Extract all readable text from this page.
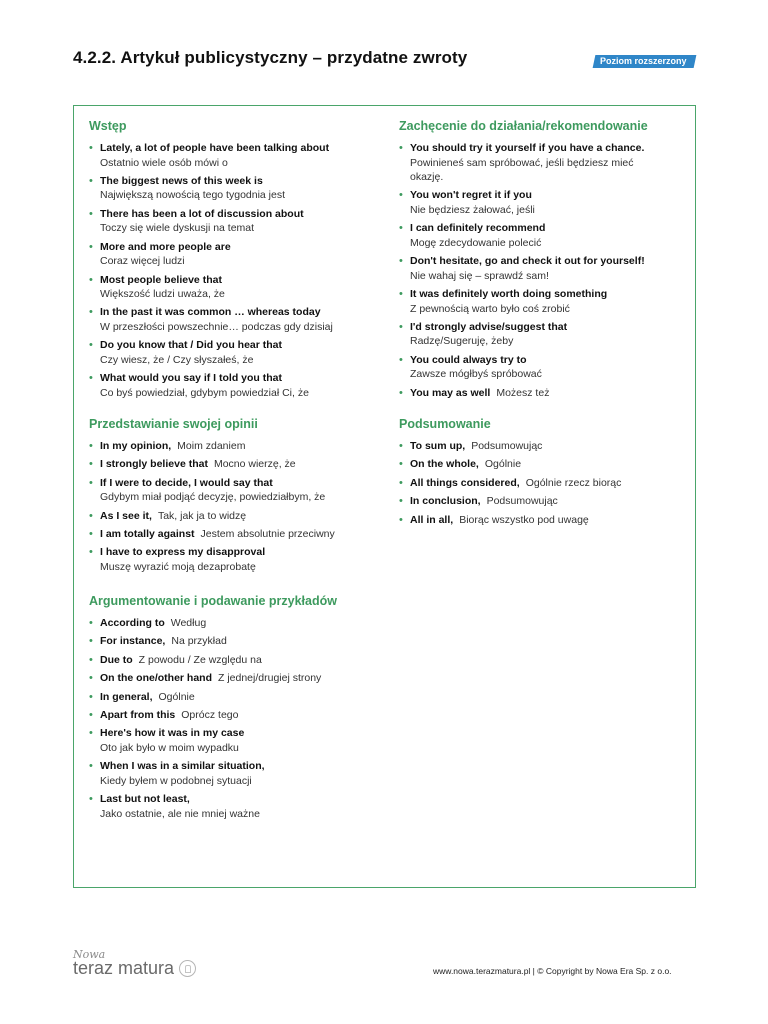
4.2.2. Artykuł publicystyczny – przydatne zwroty	Poziom rozszerzony
Wstęp
• Lately, a lot of people have been talking about
Ostatnio wiele osób mówi o
• The biggest news of this week is
Największą nowością tego tygodnia jest
• There has been a lot of discussion about
Toczy się wiele dyskusji na temat
• More and more people are
Coraz więcej ludzi
• Most people believe that
Większość ludzi uważa, że
• In the past it was common … whereas today
W przeszłości powszechnie… podczas gdy dzisiaj
• Do you know that / Did you hear that
Czy wiesz, że / Czy słyszałeś, że
• What would you say if I told you that
Co byś powiedział, gdybym powiedział Ci, że
Przedstawianie swojej opinii
• In my opinion, Moim zdaniem
• I strongly believe that Mocno wierzę, że
• If I were to decide, I would say that
Gdybym miał podjąć decyzję, powiedziałbym, że
• As I see it, Tak, jak ja to widzę
• I am totally against Jestem absolutnie przeciwny
• I have to express my disapproval
Muszę wyrazić moją dezaprobatę
Argumentowanie i podawanie przykładów
• According to Według
• For instance, Na przykład
• Due to Z powodu / Ze względu na
• On the one/other hand Z jednej/drugiej strony
• In general, Ogólnie
• Apart from this Oprócz tego
• Here's how it was in my case
Oto jak było w moim wypadku
• When I was in a similar situation,
Kiedy byłem w podobnej sytuacji
• Last but not least,
Jako ostatnie, ale nie mniej ważne
Zachęcenie do działania/rekomendowanie
• You should try it yourself if you have a chance.
Powinieneś sam spróbować, jeśli będziesz mieć okazję.
• You won't regret it if you
Nie będziesz żałować, jeśli
• I can definitely recommend
Mogę zdecydowanie polecić
• Don't hesitate, go and check it out for yourself!
Nie wahaj się – sprawdź sam!
• It was definitely worth doing something
Z pewnością warto było coś zrobić
• I'd strongly advise/suggest that
Radzę/Sugeruję, żeby
• You could always try to
Zawsze mógłbyś spróbować
• You may as well Możesz też
Podsumowanie
• To sum up, Podsumowując
• On the whole, Ogólnie
• All things considered, Ogólnie rzecz biorąc
• In conclusion, Podsumowując
• All in all, Biorąc wszystko pod uwagę
Nowa
teraz matura	www.nowa.terazmatura.pl | © Copyright by Nowa Era Sp. z o.o.
